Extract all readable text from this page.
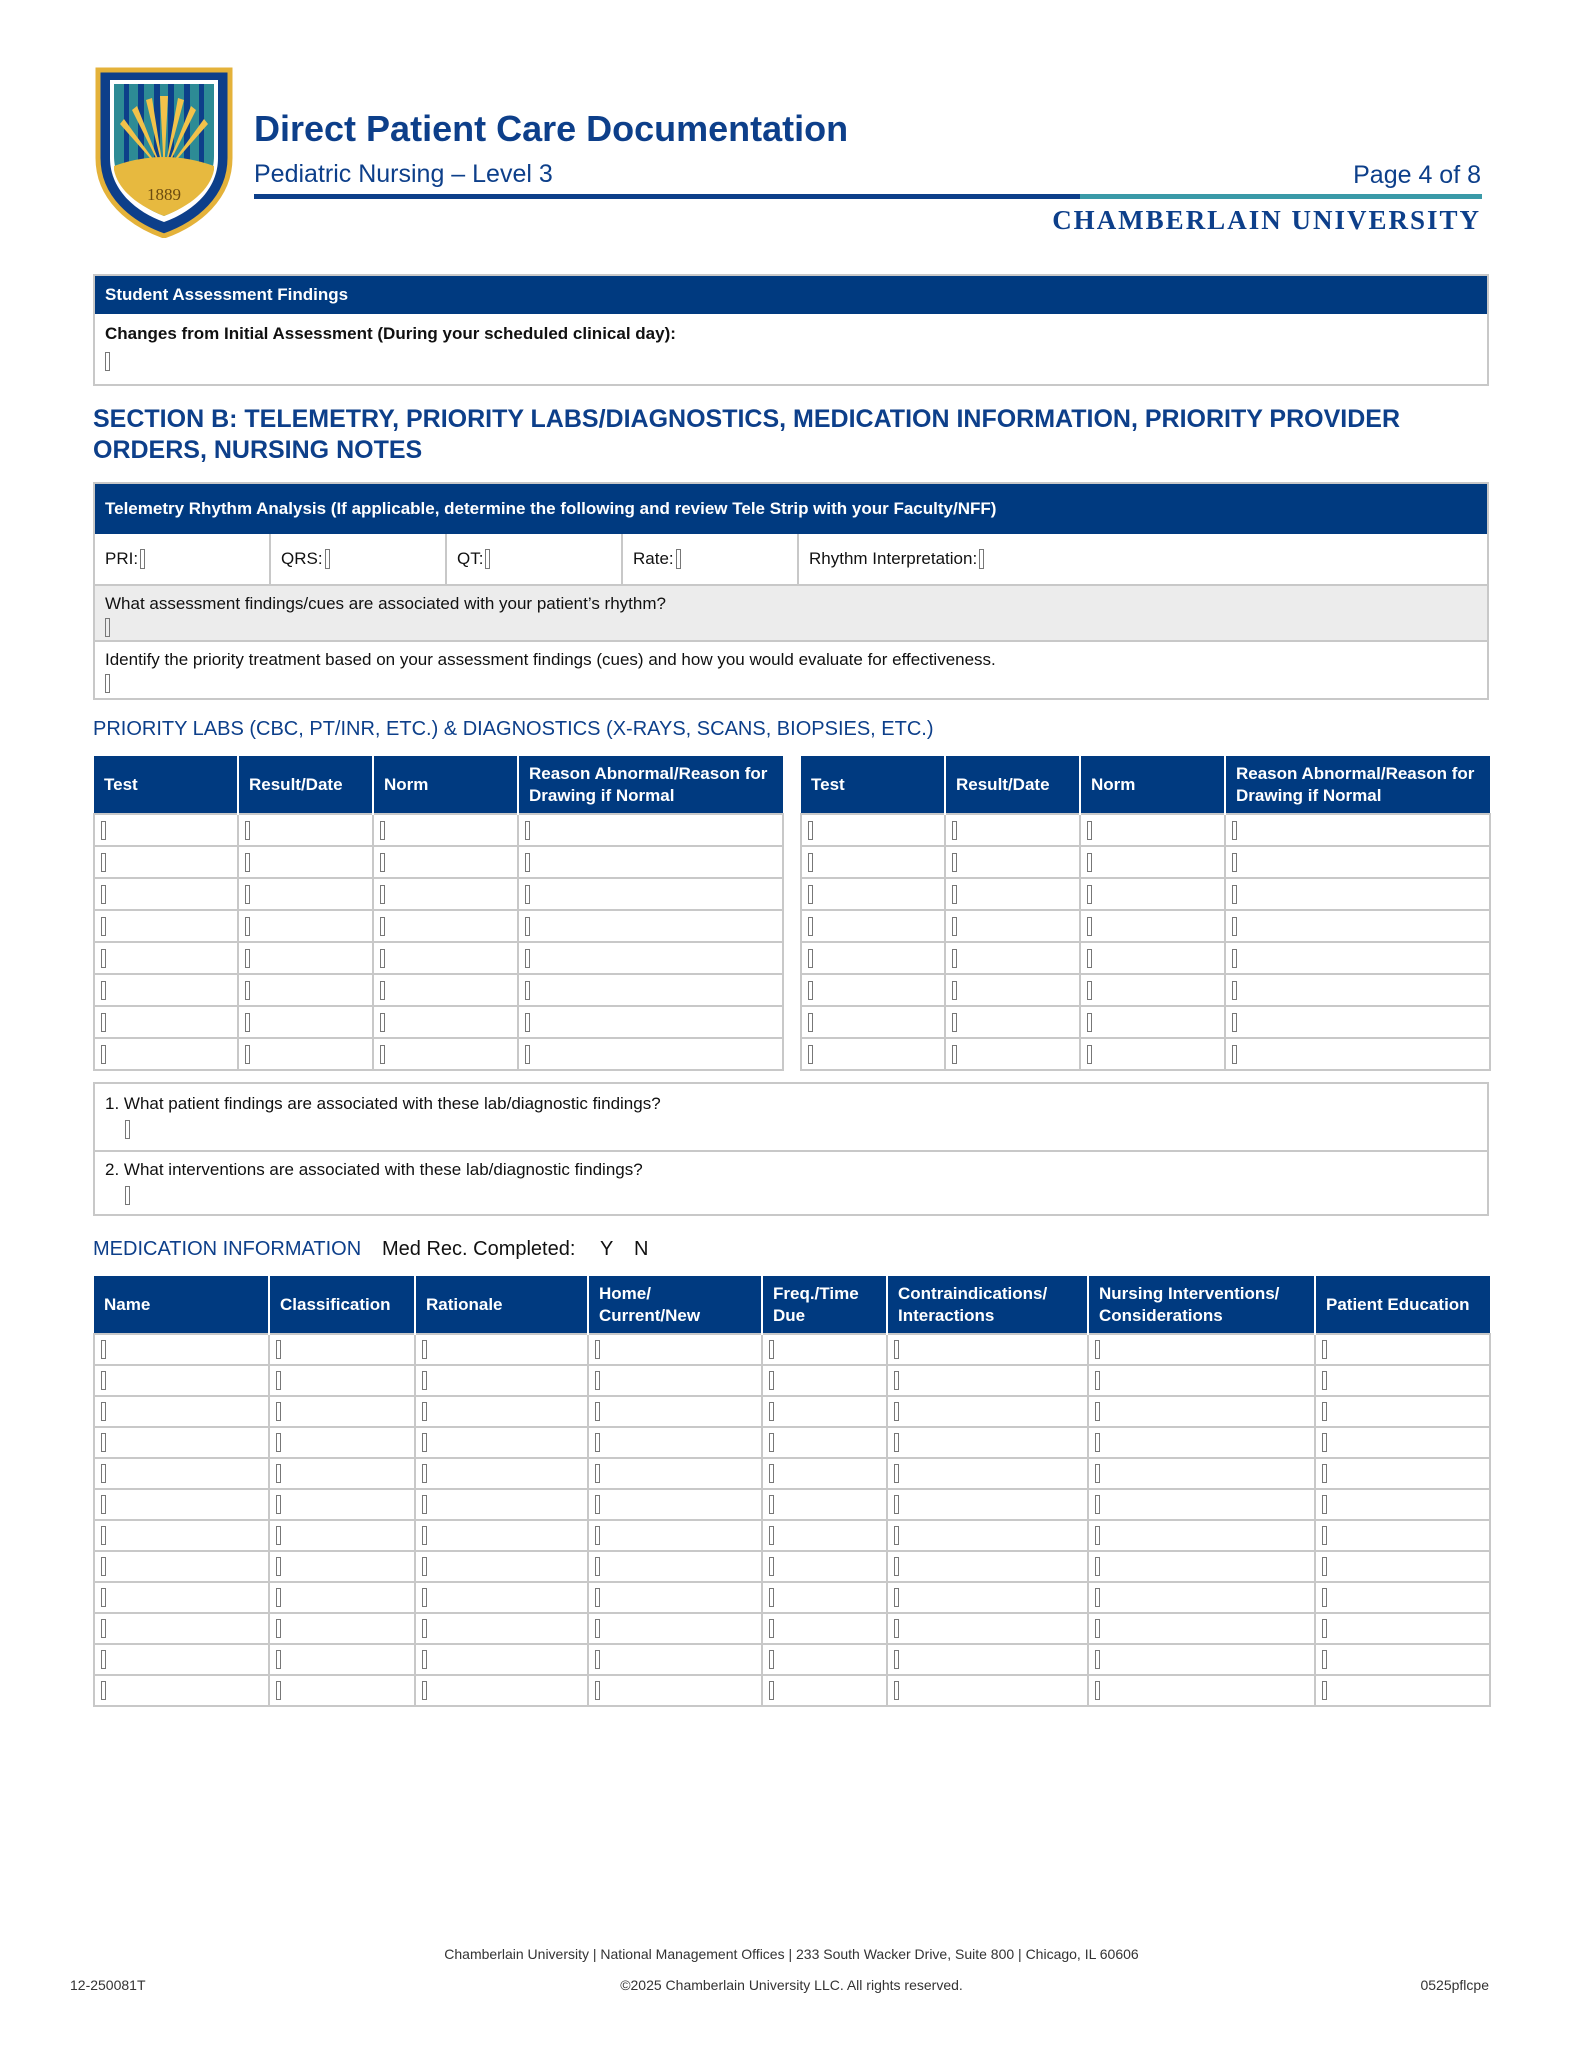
1889
Direct Patient Care Documentation
Pediatric Nursing – Level 3	Page 4 of 8
CHAMBERLAIN UNIVERSITY
Student Assessment Findings
Changes from Initial Assessment (During your scheduled clinical day):
SECTION B: TELEMETRY, PRIORITY LABS/DIAGNOSTICS, MEDICATION INFORMATION, PRIORITY PROVIDER ORDERS, NURSING NOTES
Telemetry Rhythm Analysis (If applicable, determine the following and review Tele Strip with your Faculty/NFF)
PRI:	QRS:	QT:	Rate:	Rhythm Interpretation:
What assessment findings/cues are associated with your patient’s rhythm?
Identify the priority treatment based on your assessment findings (cues) and how you would evaluate for effectiveness.
PRIORITY LABS (CBC, PT/INR, ETC.) & DIAGNOSTICS (X-RAYS, SCANS, BIOPSIES, ETC.)
Test	Result/Date	Norm	Reason Abnormal/Reason for Drawing if Normal

Test	Result/Date	Norm	Reason Abnormal/Reason for Drawing if Normal

1. What patient findings are associated with these lab/diagnostic findings?
2. What interventions are associated with these lab/diagnostic findings?
MEDICATION INFORMATION Med Rec. Completed: Y N
Name	Classification	Rationale	Home/ Current/New	Freq./Time Due	Contraindications/ Interactions	Nursing Interventions/ Considerations	Patient Education

Chamberlain University | National Management Offices | 233 South Wacker Drive, Suite 800 | Chicago, IL 60606
12-250081T	©2025 Chamberlain University LLC. All rights reserved.	0525pflcpe
